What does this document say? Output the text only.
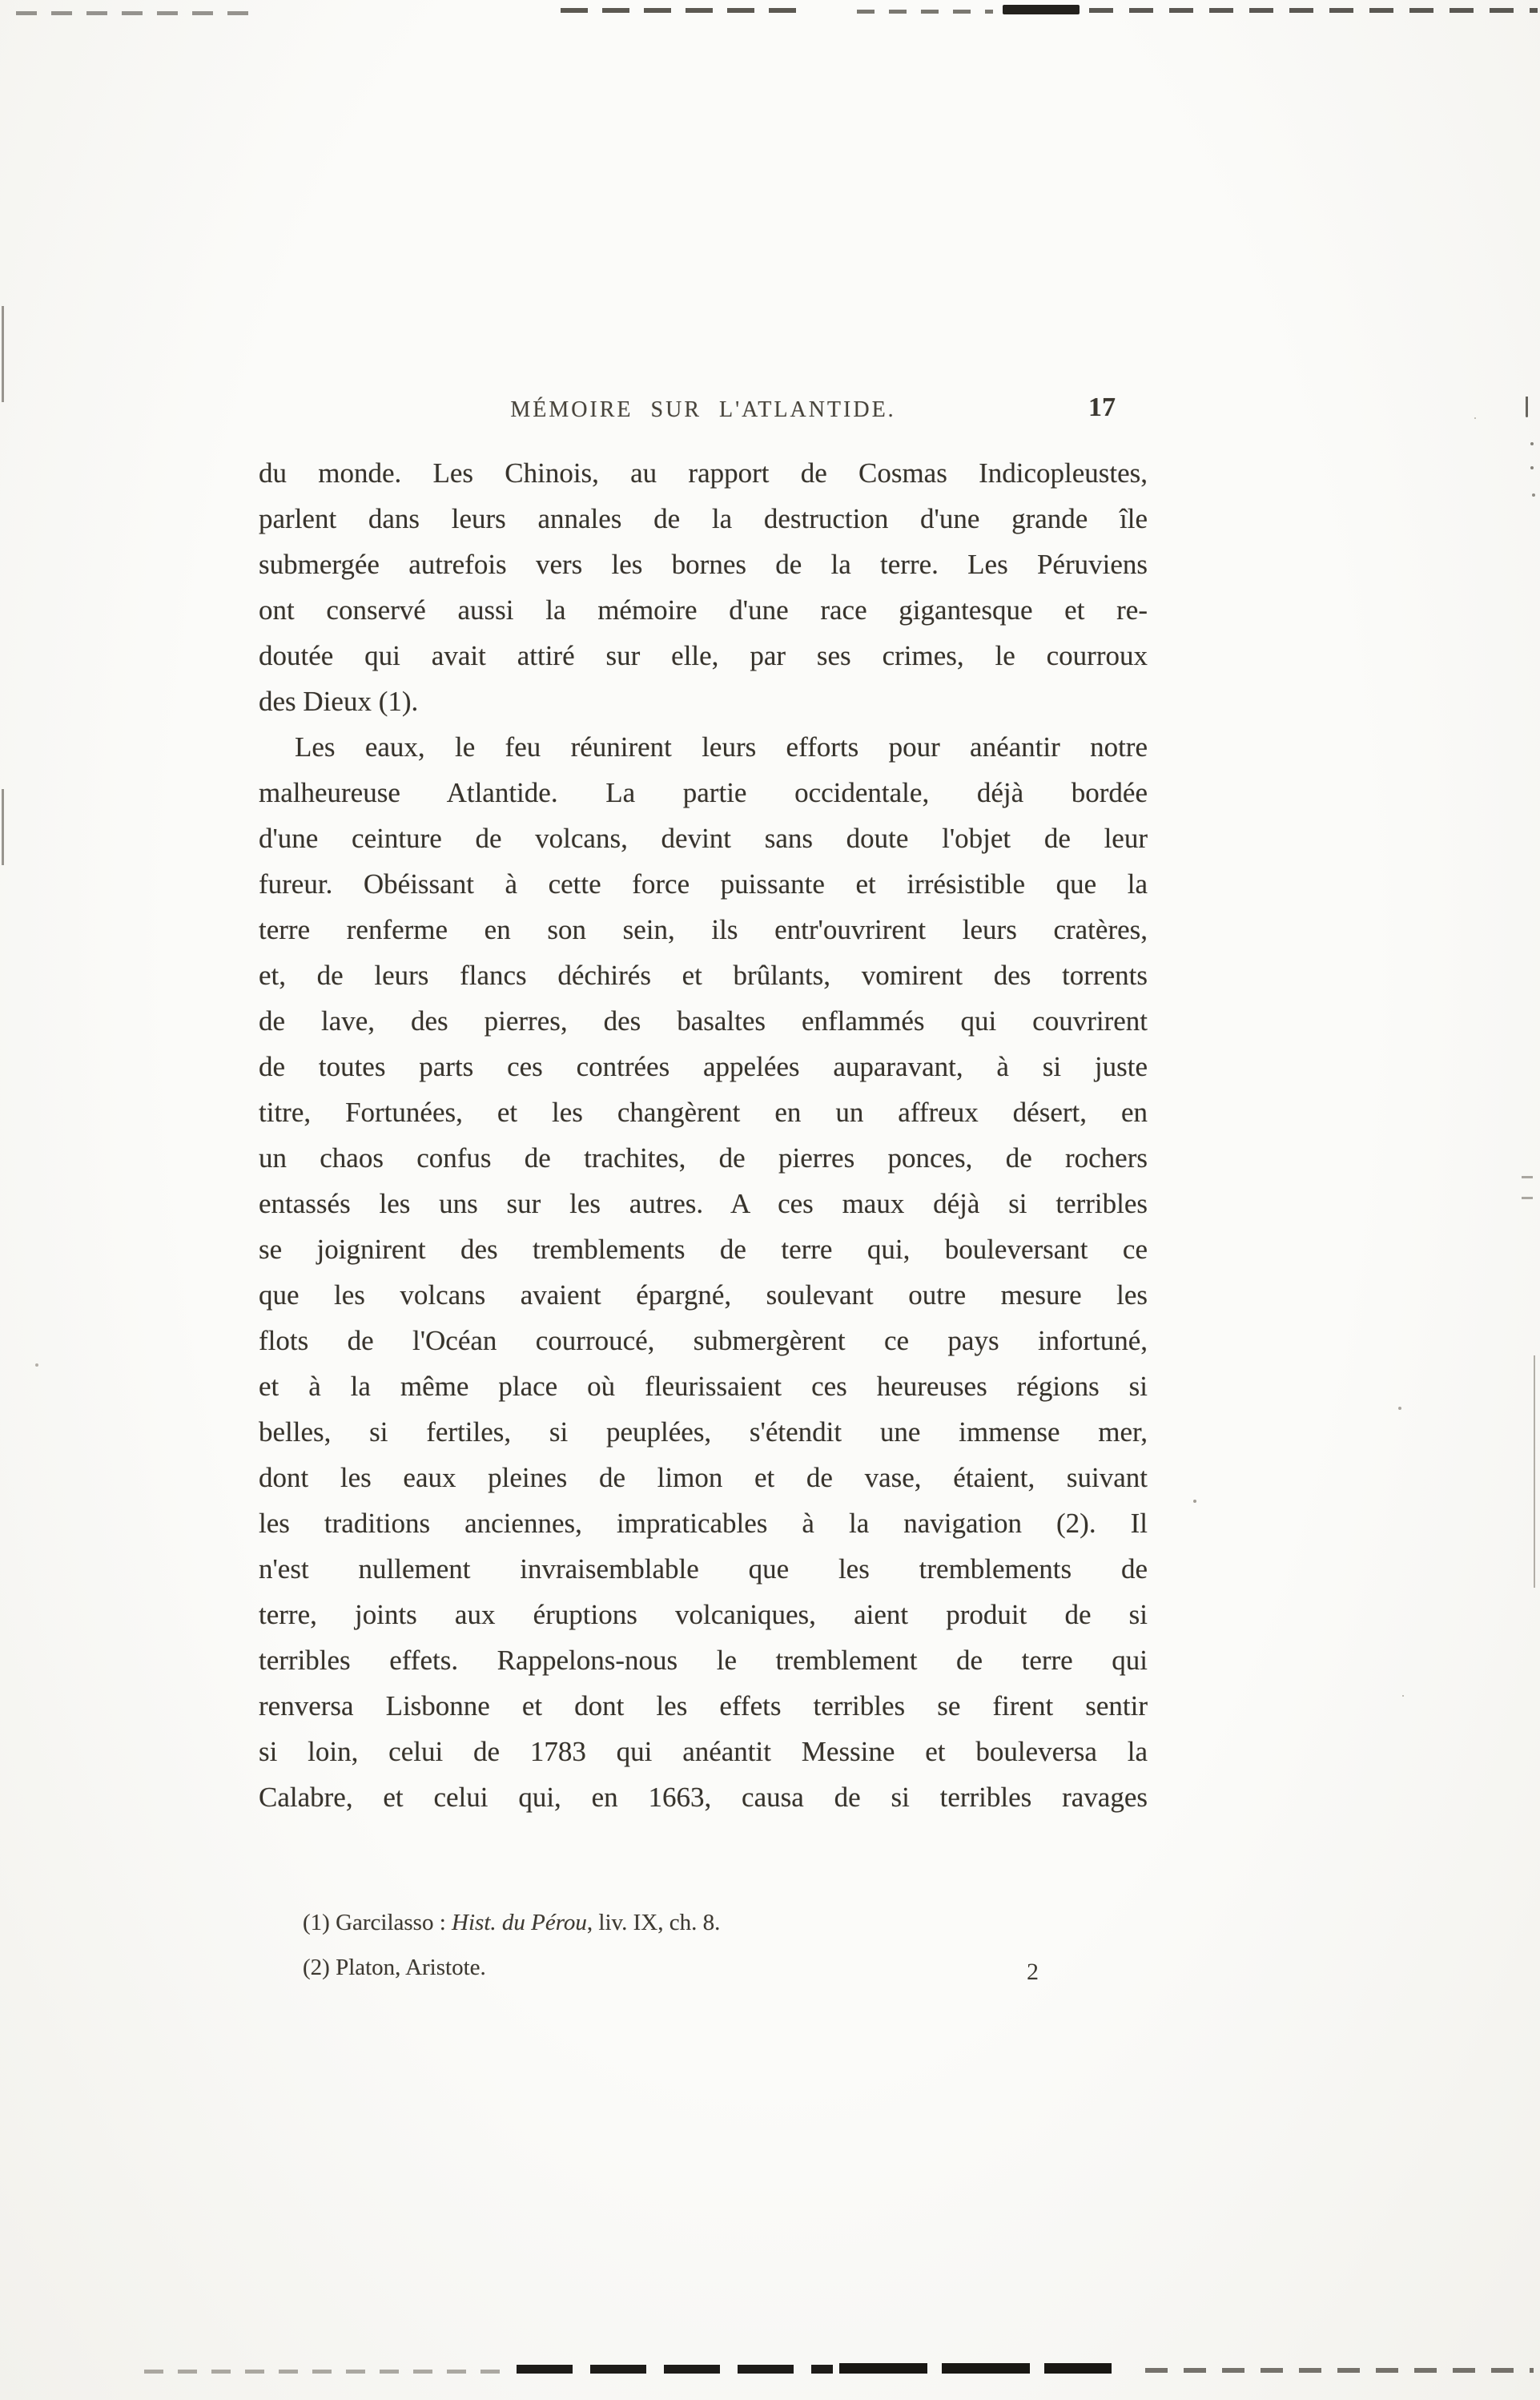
MÉMOIRE SUR L'ATLANTIDE.	17
du monde. Les Chinois, au rapport de Cosmas Indicopleustes,
parlent dans leurs annales de la destruction d'une grande île
submergée autrefois vers les bornes de la terre. Les Péruviens
ont conservé aussi la mémoire d'une race gigantesque et re-
doutée qui avait attiré sur elle, par ses crimes, le courroux
des Dieux (1).
Les eaux, le feu réunirent leurs efforts pour anéantir notre
malheureuse Atlantide. La partie occidentale, déjà bordée
d'une ceinture de volcans, devint sans doute l'objet de leur
fureur. Obéissant à cette force puissante et irrésistible que la
terre renferme en son sein, ils entr'ouvrirent leurs cratères,
et, de leurs flancs déchirés et brûlants, vomirent des torrents
de lave, des pierres, des basaltes enflammés qui couvrirent
de toutes parts ces contrées appelées auparavant, à si juste
titre, Fortunées, et les changèrent en un affreux désert, en
un chaos confus de trachites, de pierres ponces, de rochers
entassés les uns sur les autres. A ces maux déjà si terribles
se joignirent des tremblements de terre qui, bouleversant ce
que les volcans avaient épargné, soulevant outre mesure les
flots de l'Océan courroucé, submergèrent ce pays infortuné,
et à la même place où fleurissaient ces heureuses régions si
belles, si fertiles, si peuplées, s'étendit une immense mer,
dont les eaux pleines de limon et de vase, étaient, suivant
les traditions anciennes, impraticables à la navigation (2). Il
n'est nullement invraisemblable que les tremblements de
terre, joints aux éruptions volcaniques, aient produit de si
terribles effets. Rappelons-nous le tremblement de terre qui
renversa Lisbonne et dont les effets terribles se firent sentir
si loin, celui de 1783 qui anéantit Messine et bouleversa la
Calabre, et celui qui, en 1663, causa de si terribles ravages
(1) Garcilasso : Hist. du Pérou, liv. IX, ch. 8.
(2) Platon, Aristote.	2
